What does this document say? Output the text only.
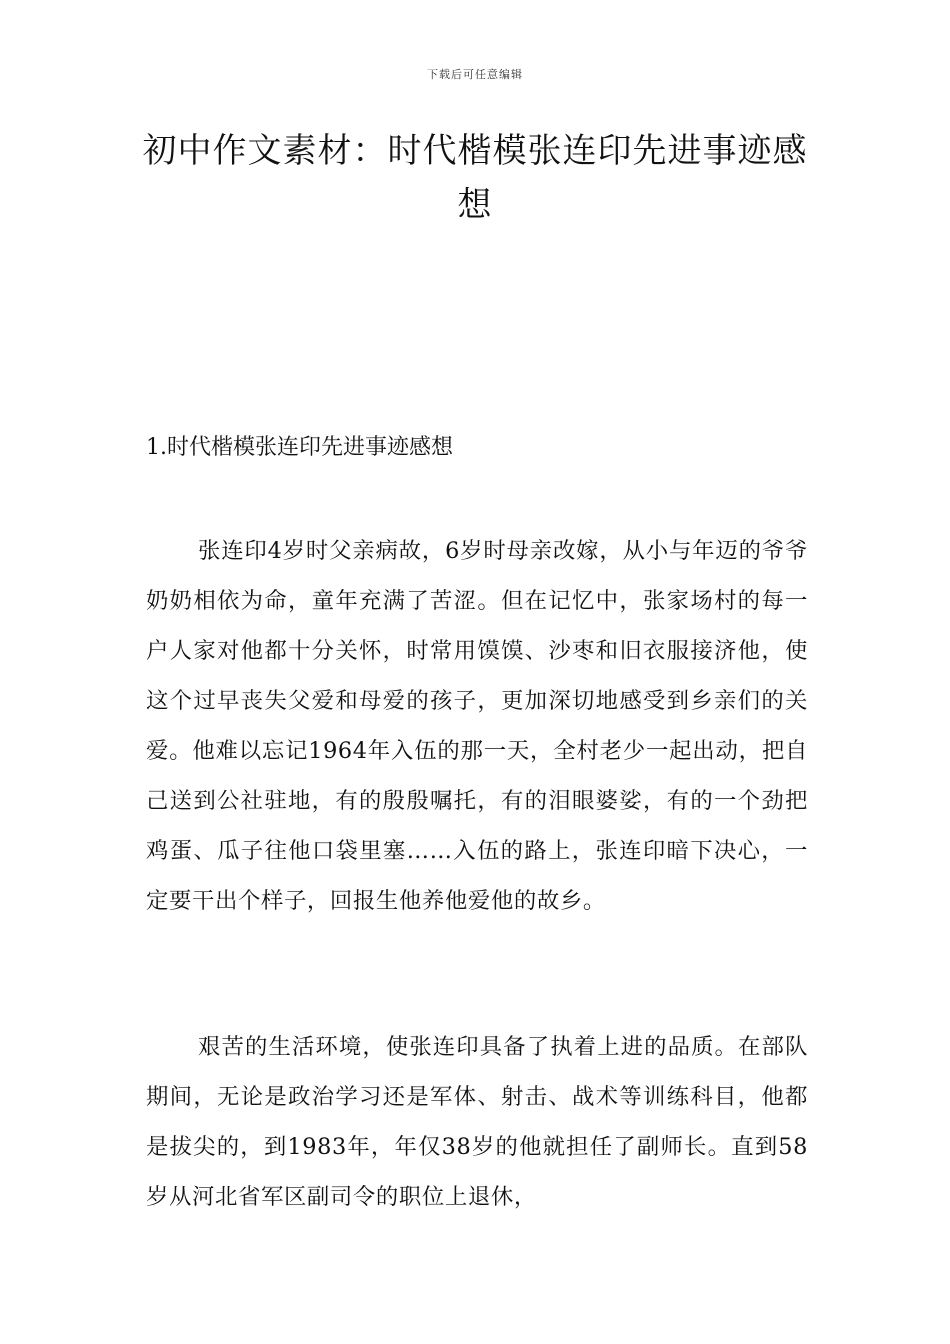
下载后可任意编辑
初中作文素材：时代楷模张连印先进事迹感想
1.时代楷模张连印先进事迹感想

张连印4岁时父亲病故，6岁时母亲改嫁，从小与年迈的爷爷奶奶相依为命，童年充满了苦涩。但在记忆中，张家场村的每一户人家对他都十分关怀，时常用馍馍、沙枣和旧衣服接济他，使这个过早丧失父爱和母爱的孩子，更加深切地感受到乡亲们的关爱。他难以忘记1964年入伍的那一天，全村老少一起出动，把自己送到公社驻地，有的殷殷嘱托，有的泪眼婆娑，有的一个劲把鸡蛋、瓜子往他口袋里塞……入伍的路上，张连印暗下决心，一定要干出个样子，回报生他养他爱他的故乡。

艰苦的生活环境，使张连印具备了执着上进的品质。在部队期间，无论是政治学习还是军体、射击、战术等训练科目，他都是拔尖的，到1983年，年仅38岁的他就担任了副师长。直到58岁从河北省军区副司令的职位上退休，
